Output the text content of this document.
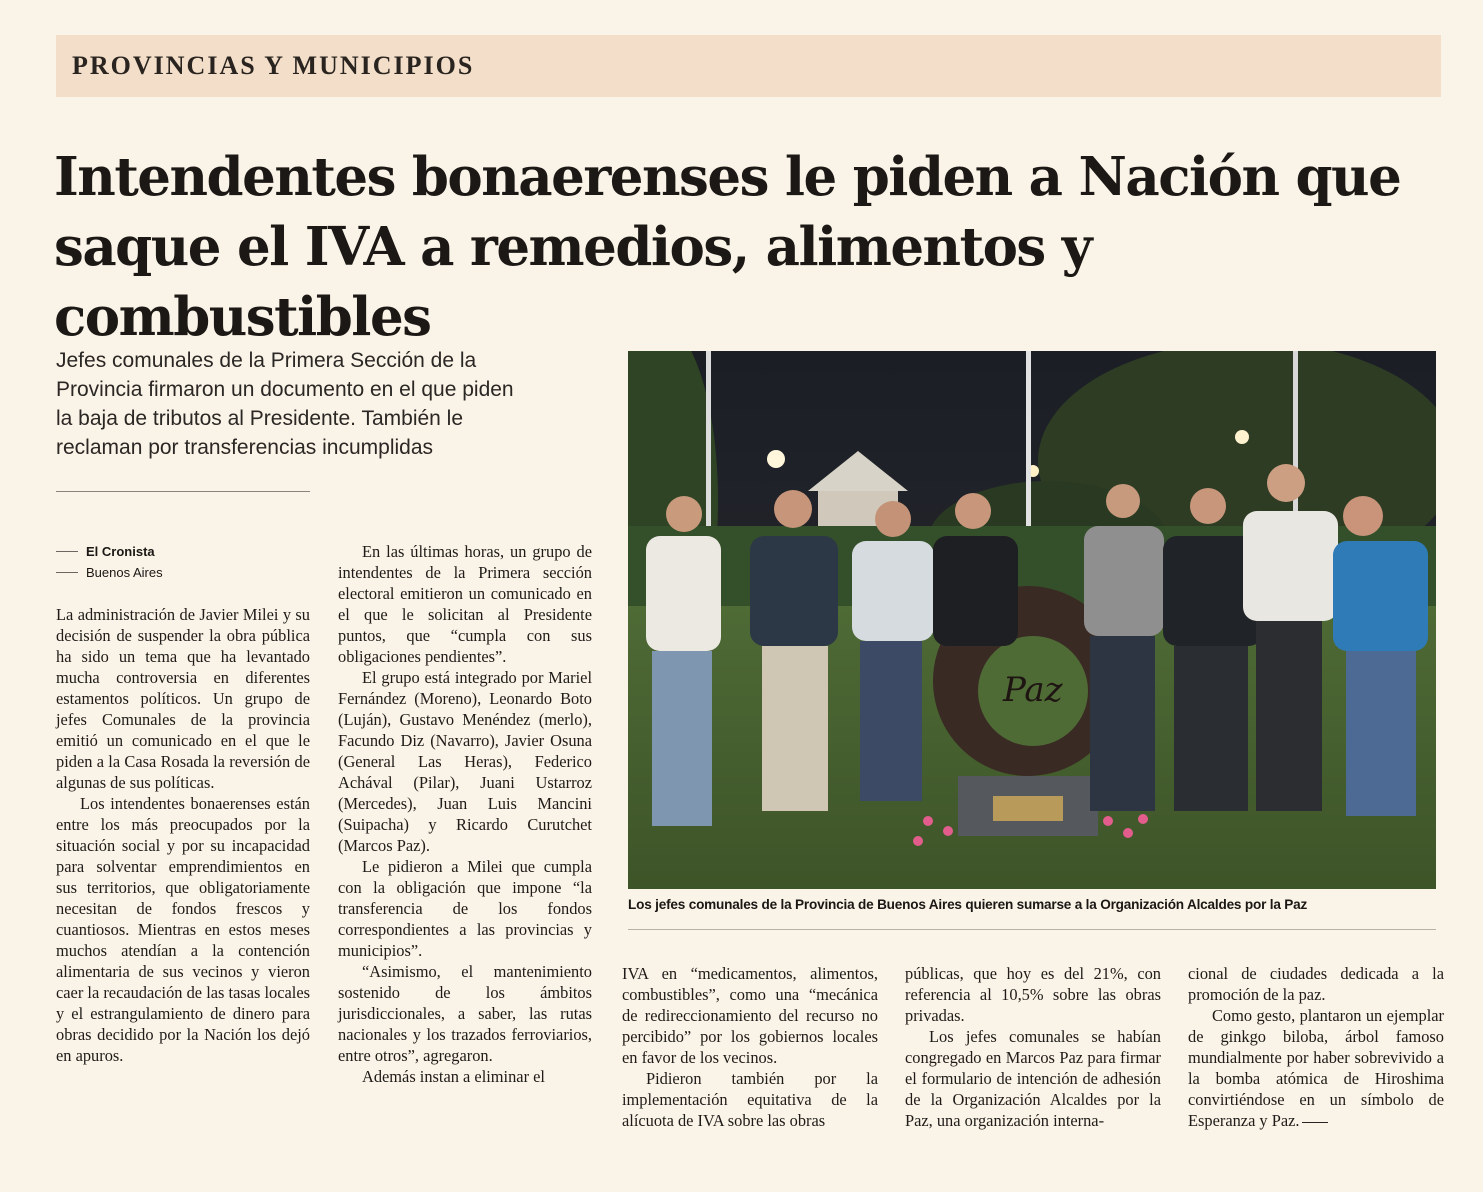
PROVINCIAS Y MUNICIPIOS
Intendentes bonaerenses le piden a Nación que
saque el IVA a remedios, alimentos y combustibles
Jefes comunales de la Primera Sección de la
Provincia firmaron un documento en el que piden
la baja de tributos al Presidente. También le
reclaman por transferencias incumplidas
El Cronista
Buenos Aires

La administración de Javier Milei y su decisión de suspender la obra pública ha sido un tema que ha levantado mucha controversia en diferentes estamentos políticos. Un grupo de jefes Comunales de la provincia emitió un comunicado en el que le piden a la Casa Rosada la reversión de algunas de sus políticas.

Los intendentes bonaerenses están entre los más preocupados por la situación social y por su incapacidad para solventar emprendimientos en sus territorios, que obligatoriamente necesitan de fondos frescos y cuantiosos. Mientras en estos meses muchos atendían a la contención alimentaria de sus vecinos y vieron caer la recaudación de las tasas locales y el estrangulamiento de dinero para obras decidido por la Nación los dejó en apuros.

En las últimas horas, un grupo de intendentes de la Primera sección electoral emitieron un comunicado en el que le solicitan al Presidente puntos, que “cumpla con sus obligaciones pendientes”.

El grupo está integrado por Mariel Fernández (Moreno), Leonardo Boto (Luján), Gustavo Menéndez (merlo), Facundo Diz (Navarro), Javier Osuna (General Las Heras), Federico Achával (Pilar), Juani Ustarroz (Mercedes), Juan Luis Mancini (Suipacha) y Ricardo Curutchet (Marcos Paz).

Le pidieron a Milei que cumpla con la obligación que impone “la transferencia de los fondos correspondientes a las provincias y municipios”.

“Asimismo, el mantenimiento sostenido de los ámbitos jurisdiccionales, a saber, las rutas nacionales y los trazados ferroviarios, entre otros”, agregaron.

Además instan a eliminar el

Paz
Los jefes comunales de la Provincia de Buenos Aires quieren sumarse a la Organización Alcaldes por la Paz

IVA en “medicamentos, alimentos, combustibles”, como una “mecánica de redireccionamiento del recurso no percibido” por los gobiernos locales en favor de los vecinos.

Pidieron también por la implementación equitativa de la alícuota de IVA sobre las obras

públicas, que hoy es del 21%, con referencia al 10,5% sobre las obras privadas.

Los jefes comunales se habían congregado en Marcos Paz para firmar el formulario de intención de adhesión de la Organización Alcaldes por la Paz, una organización interna-

cional de ciudades dedicada a la promoción de la paz.

Como gesto, plantaron un ejemplar de ginkgo biloba, árbol famoso mundialmente por haber sobrevivido a la bomba atómica de Hiroshima convirtiéndose en un símbolo de Esperanza y Paz.
